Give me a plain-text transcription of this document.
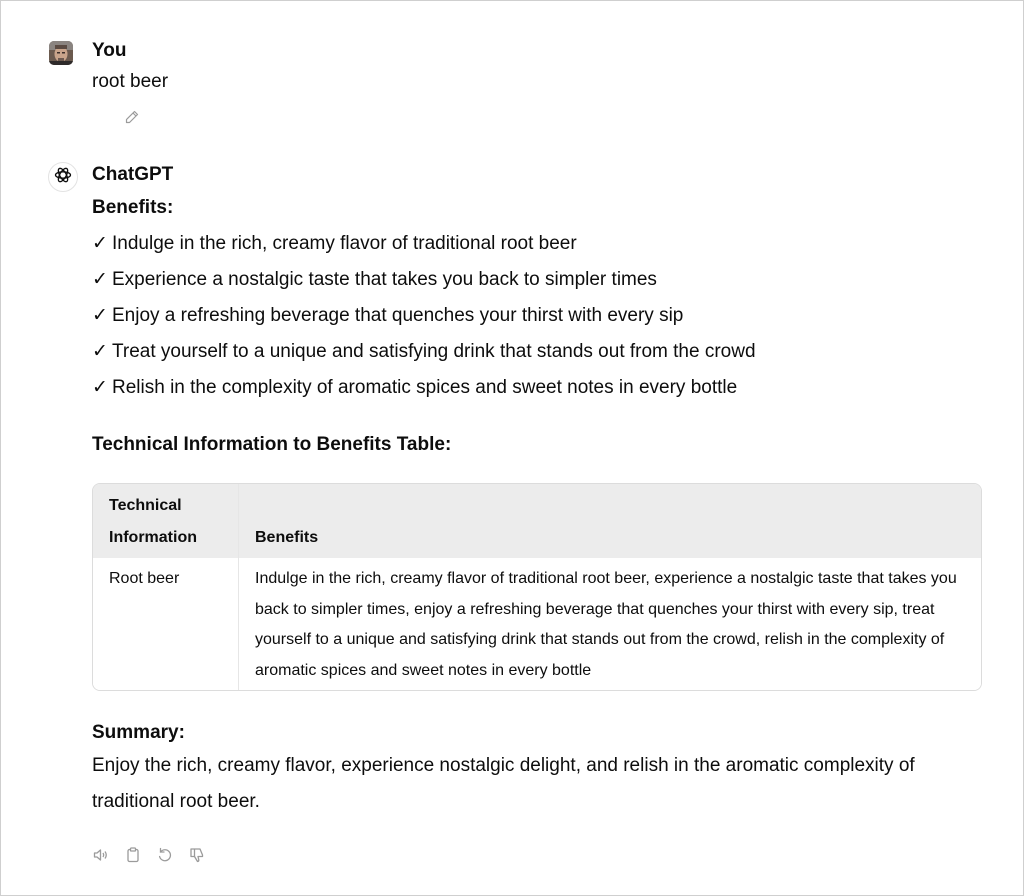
You
root beer
ChatGPT

Benefits:

✓ Indulge in the rich, creamy flavor of traditional root beer
✓ Experience a nostalgic taste that takes you back to simpler times
✓ Enjoy a refreshing beverage that quenches your thirst with every sip
✓ Treat yourself to a unique and satisfying drink that stands out from the crowd
✓ Relish in the complexity of aromatic spices and sweet notes in every bottle

Technical Information to Benefits Table:

Technical Information	Benefits
Root beer	Indulge in the rich, creamy flavor of traditional root beer, experience a nostalgic taste that takes you back to simpler times, enjoy a refreshing beverage that quenches your thirst with every sip, treat yourself to a unique and satisfying drink that stands out from the crowd, relish in the complexity of aromatic spices and sweet notes in every bottle

Summary:

Enjoy the rich, creamy flavor, experience nostalgic delight, and relish in the aromatic complexity of traditional root beer.
